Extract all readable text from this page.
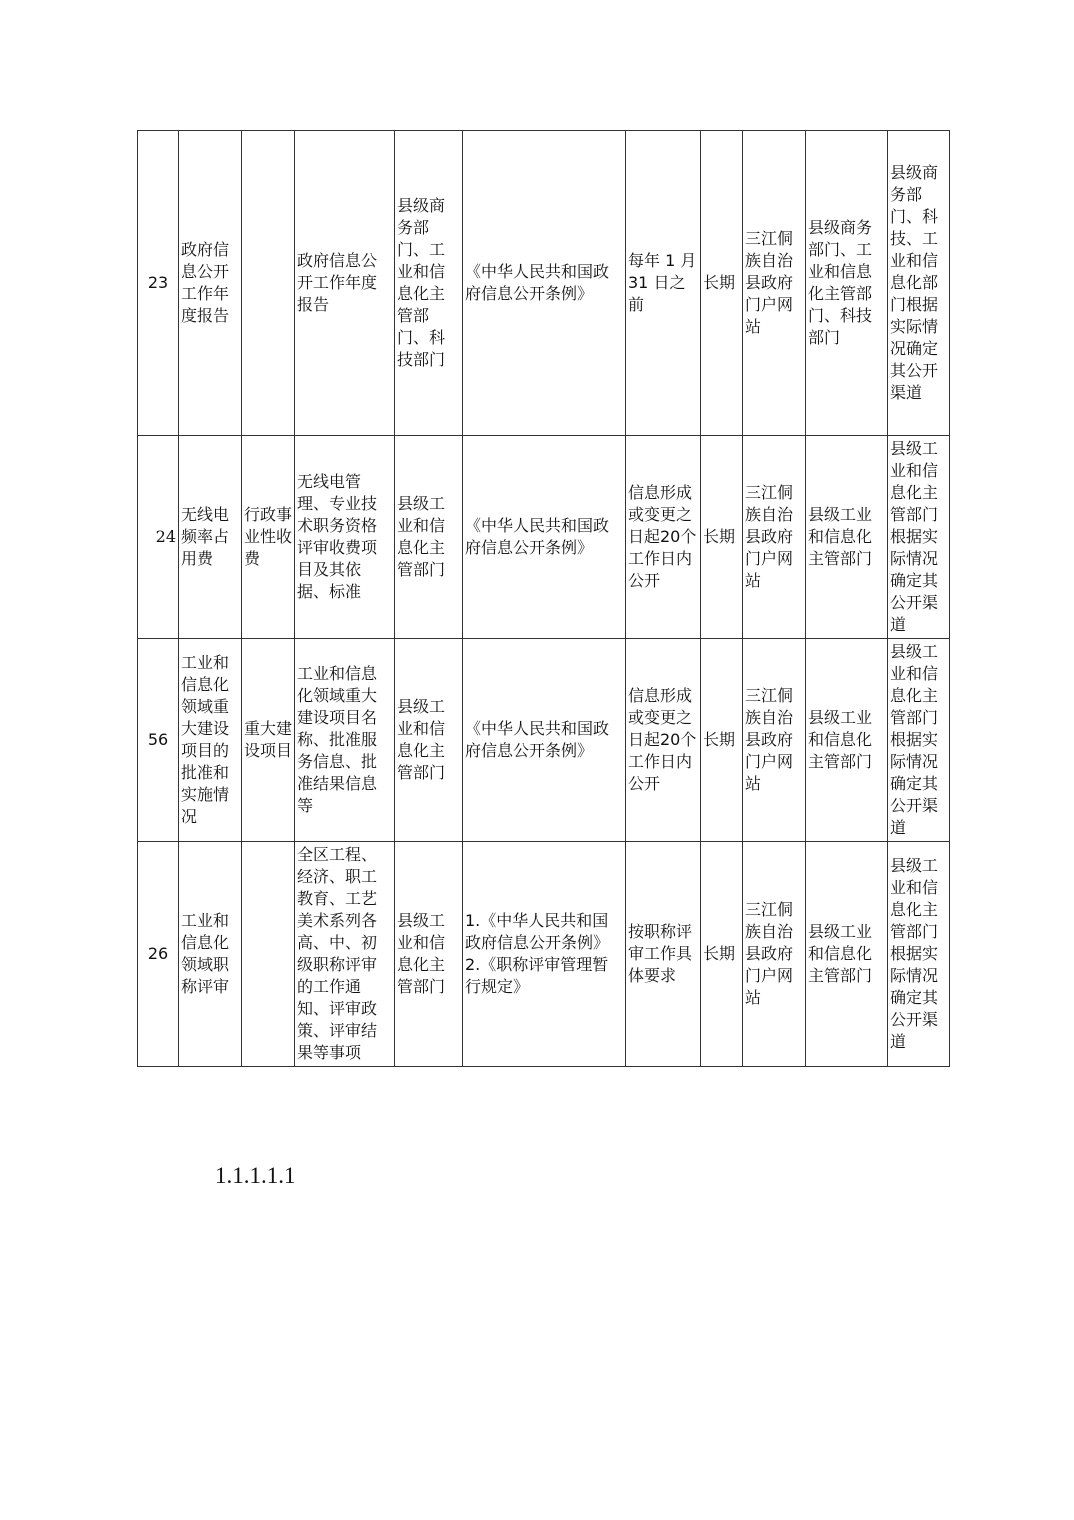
23	政府信息公开工作年度报告		政府信息公开工作年度报告	县级商务部门、工业和信息化主管部门、科技部门	《中华人民共和国政府信息公开条例》	每年 1 月31 日之前	长期	三江侗族自治县政府门户网站	县级商务部门、工业和信息化主管部门、科技部门	县级商务部门、科技、工业和信息化部门根据实际情况确定其公开渠道
24	无线电频率占用费	行政事业性收费	无线电管理、专业技术职务资格评审收费项目及其依据、标准	县级工业和信息化主管部门	《中华人民共和国政府信息公开条例》	信息形成或变更之日起20个工作日内公开	长期	三江侗族自治县政府门户网站	县级工业和信息化主管部门	县级工业和信息化主管部门根据实际情况确定其公开渠道
56	工业和信息化领域重大建设项目的批准和实施情况	重大建设项目	工业和信息化领域重大建设项目名称、批准服务信息、批准结果信息等	县级工业和信息化主管部门	《中华人民共和国政府信息公开条例》	信息形成或变更之日起20个工作日内公开	长期	三江侗族自治县政府门户网站	县级工业和信息化主管部门	县级工业和信息化主管部门根据实际情况确定其公开渠道
26	工业和信息化领域职称评审		全区工程、经济、职工教育、工艺美术系列各高、中、初级职称评审的工作通知、评审政策、评审结果等事项	县级工业和信息化主管部门	1.《中华人民共和国政府信息公开条例》
2.《职称评审管理暂行规定》	按职称评审工作具体要求	长期	三江侗族自治县政府门户网站	县级工业和信息化主管部门	县级工业和信息化主管部门根据实际情况确定其公开渠道
1.1.1.1.1
